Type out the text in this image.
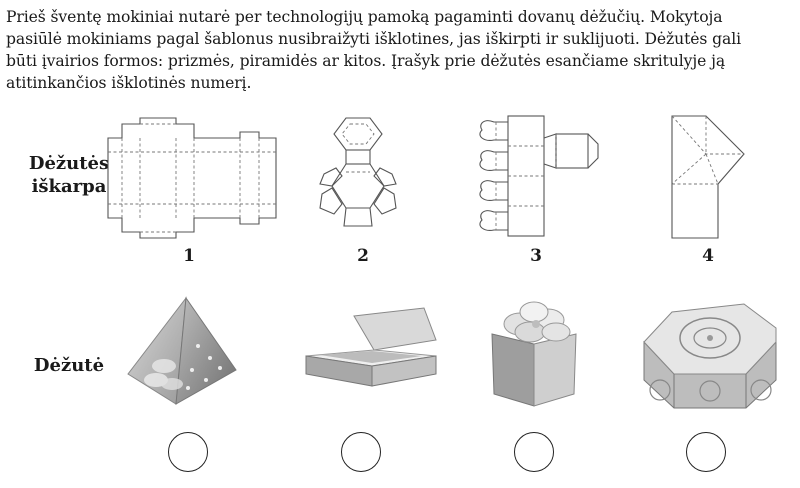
Prieš šventę mokiniai nutarė per technologijų pamoką pagaminti dovanų dėžučių. Mokytoja
pasiūlė mokiniams pagal šablonus nusibraižyti išklotines, jas iškirpti ir suklijuoti. Dėžutės gali
būti įvairios formos: prizmės, piramidės ar kitos. Įrašyk prie dėžutės esančiame skritulyje ją
atitinkančios išklotinės numerį.

Dėžutės
iškarpa
1	2	3	4
Dėžutė
